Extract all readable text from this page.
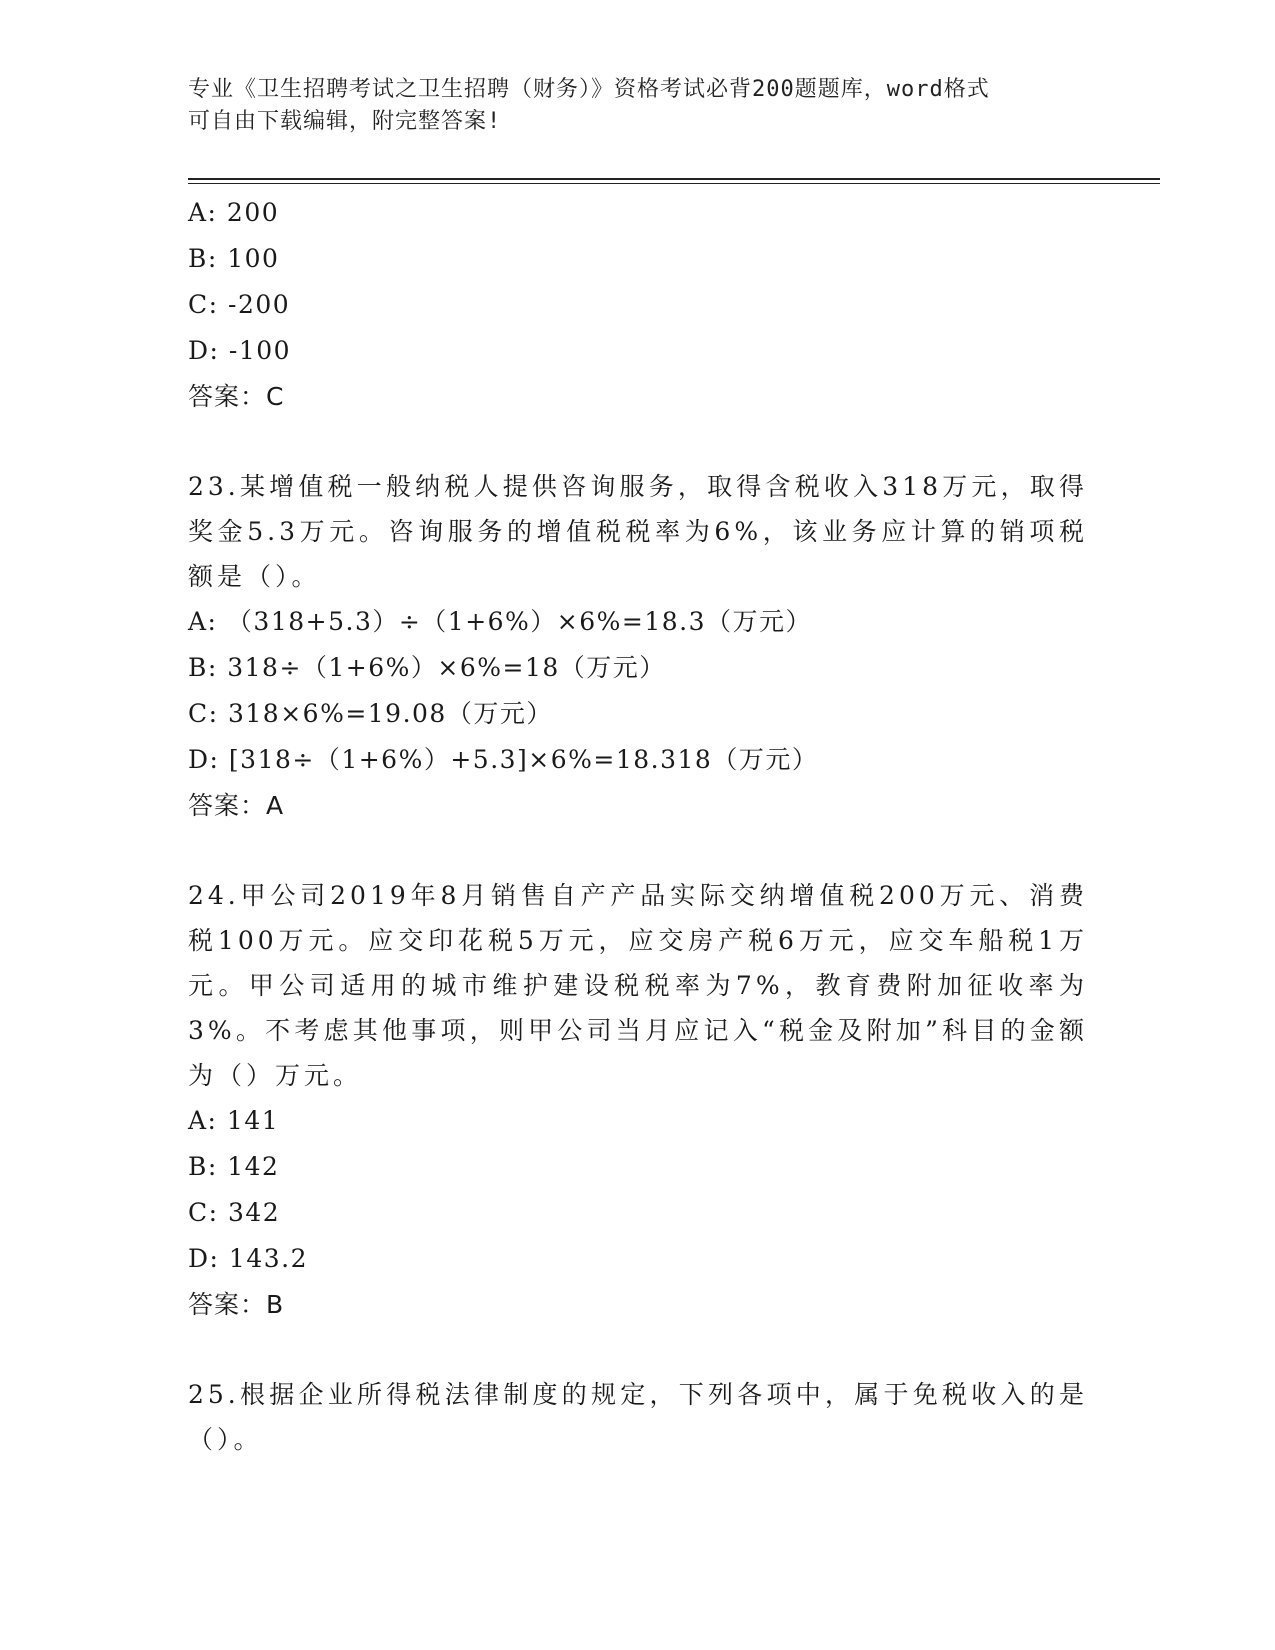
专业《卫生招聘考试之卫生招聘（财务）》资格考试必背200题题库，word格式
可自由下载编辑，附完整答案!
A: 200
B: 100
C: -200
D: -100
答案：C
23.某增值税一般纳税人提供咨询服务，取得含税收入318万元，取得奖金5.3万元。咨询服务的增值税税率为6%，该业务应计算的销项税额是（）。
A: （318+5.3）÷（1+6%）×6%=18.3（万元）
B: 318÷（1+6%）×6%=18（万元）
C: 318×6%=19.08（万元）
D: [318÷（1+6%）+5.3]×6%=18.318（万元）
答案：A
24.甲公司2019年8月销售自产产品实际交纳增值税200万元、消费税100万元。应交印花税5万元，应交房产税6万元，应交车船税1万元。甲公司适用的城市维护建设税税率为7%，教育费附加征收率为3%。不考虑其他事项，则甲公司当月应记入“税金及附加”科目的金额为（）万元。
A: 141
B: 142
C: 342
D: 143.2
答案：B
25.根据企业所得税法律制度的规定，下列各项中，属于免税收入的是（）。
